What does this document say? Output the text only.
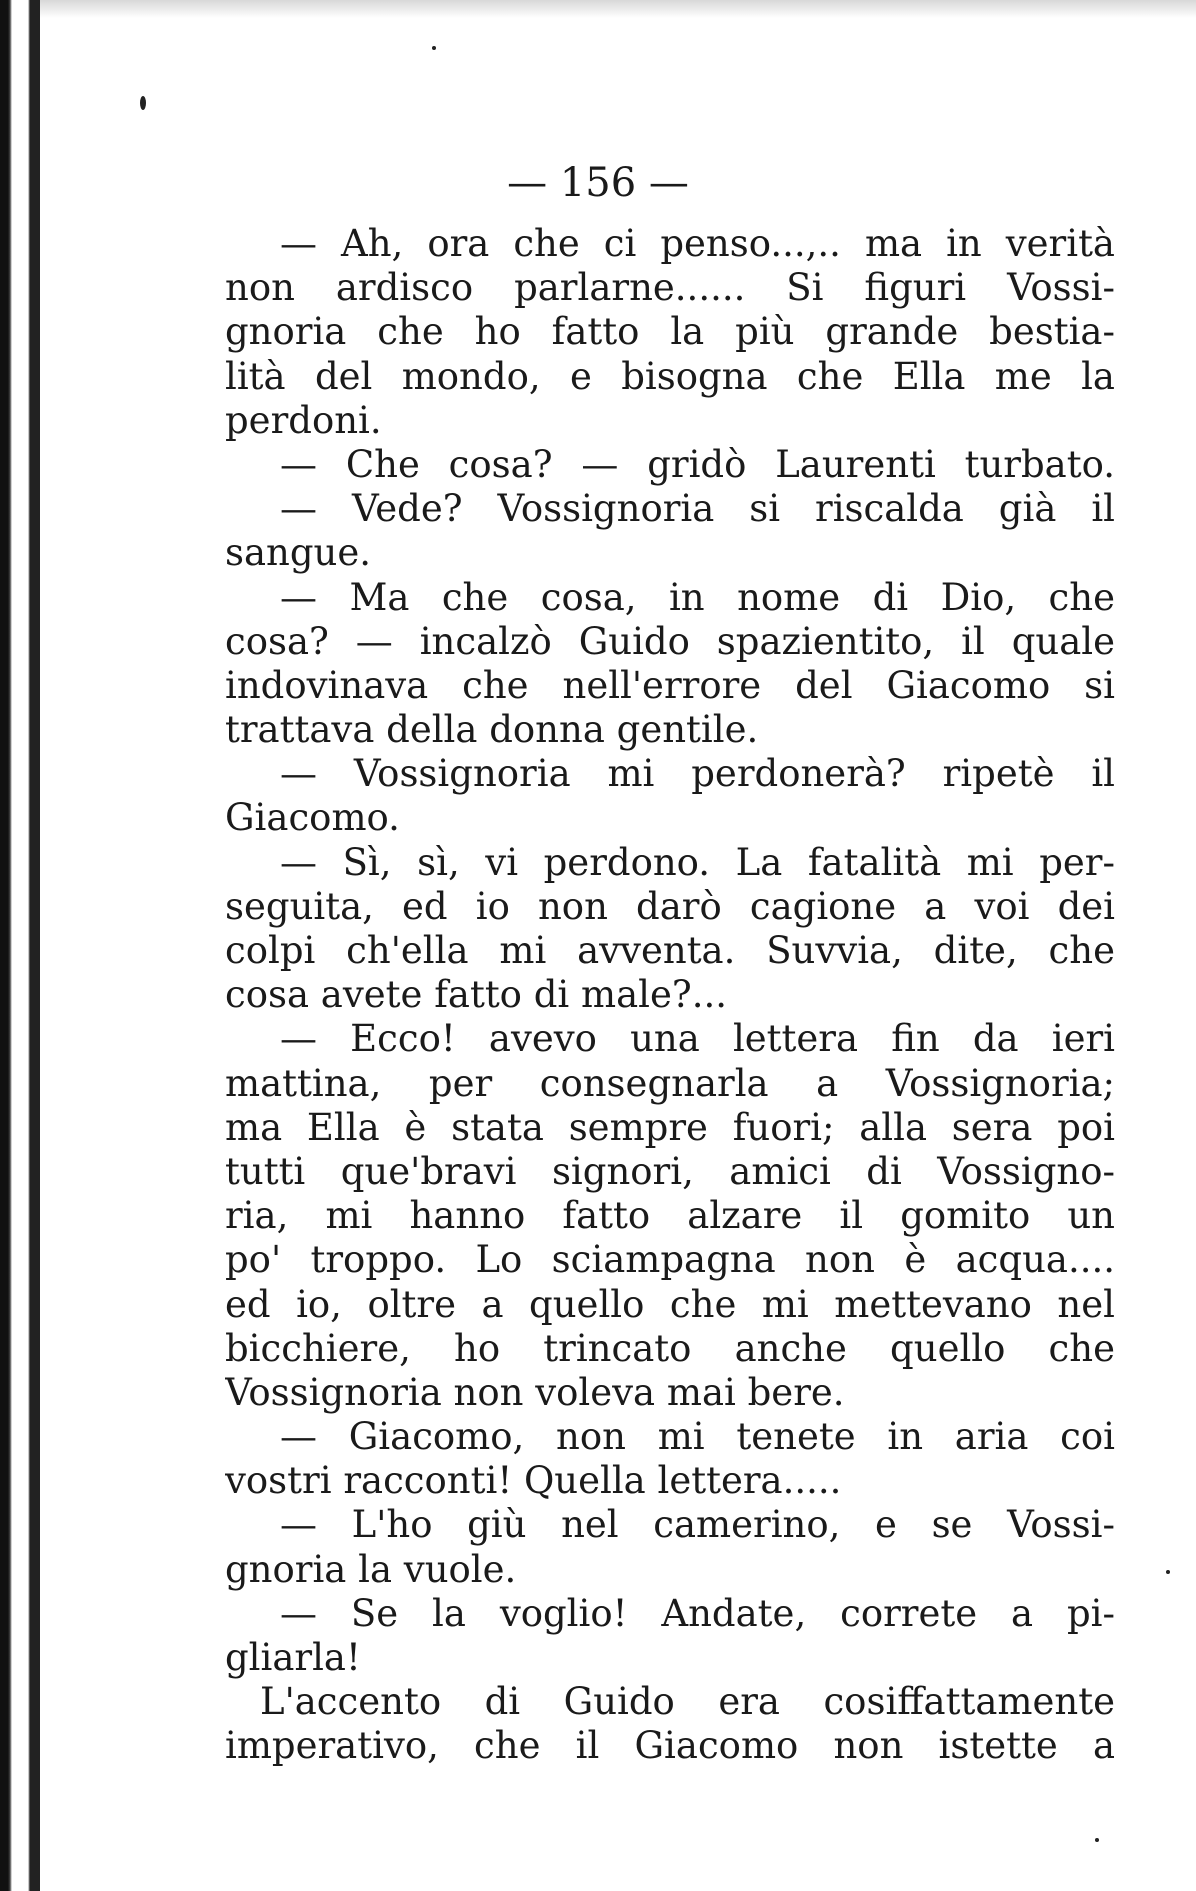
— 156 —
— Ah, ora che ci penso...,.. ma in verità
non ardisco parlarne...... Si figuri Vossi-
gnoria che ho fatto la più grande bestia-
lità del mondo, e bisogna che Ella me la
perdoni.
— Che cosa? — gridò Laurenti turbato.
— Vede? Vossignoria si riscalda già il
sangue.
— Ma che cosa, in nome di Dio, che
cosa? — incalzò Guido spazientito, il quale
indovinava che nell'errore del Giacomo si
trattava della donna gentile.
— Vossignoria mi perdonerà? ripetè il
Giacomo.
— Sì, sì, vi perdono. La fatalità mi per-
seguita, ed io non darò cagione a voi dei
colpi ch'ella mi avventa. Suvvia, dite, che
cosa avete fatto di male?...
— Ecco! avevo una lettera fin da ieri
mattina, per consegnarla a Vossignoria;
ma Ella è stata sempre fuori; alla sera poi
tutti que'bravi signori, amici di Vossigno-
ria, mi hanno fatto alzare il gomito un
po' troppo. Lo sciampagna non è acqua....
ed io, oltre a quello che mi mettevano nel
bicchiere, ho trincato anche quello che
Vossignoria non voleva mai bere.
— Giacomo, non mi tenete in aria coi
vostri racconti! Quella lettera.....
— L'ho giù nel camerino, e se Vossi-
gnoria la vuole.
— Se la voglio! Andate, correte a pi-
gliarla!
L'accento di Guido era cosiffattamente
imperativo, che il Giacomo non istette a
